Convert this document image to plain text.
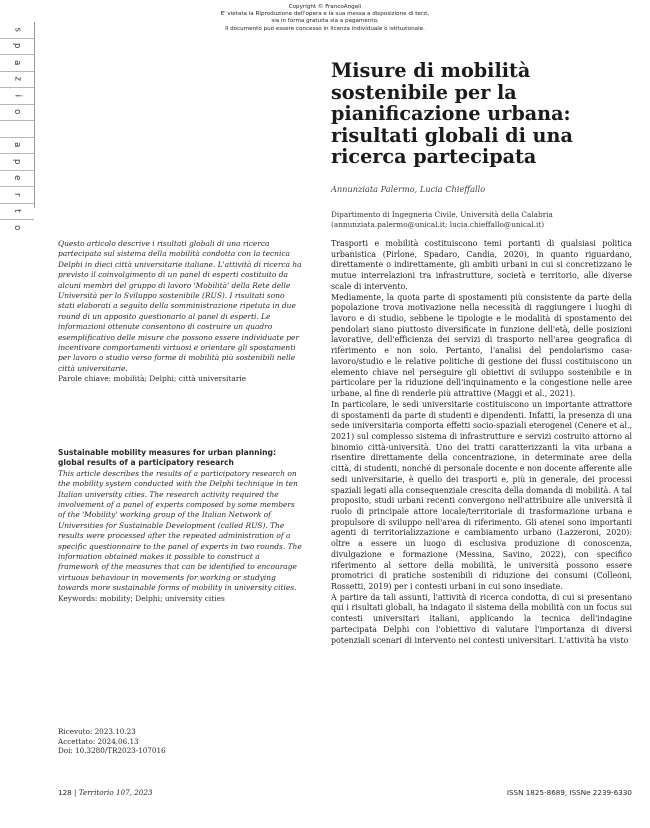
Copyright © FrancoAngeli
E' vietata la Riproduzione dell'opera e la sua messa a disposizione di terzi,
sia in forma gratuita sia a pagamento.
Il documento può essere concesso in licenza individuale o istituzionale.
s
p
a
z
i
o
a
p
e
r
t
o
Misure di mobilità sostenibile per la pianificazione urbana: risultati globali di una ricerca partecipata
Annunziata Palermo, Lucia Chieffallo
Dipartimento di Ingegneria Civile, Università della Calabria
(annunziata.palermo@unical.it; lucia.chieffallo@unical.it)

Questo articolo descrive i risultati globali di una ricerca partecipata sul sistema della mobilità condotta con la tecnica Delphi in dieci città universitarie italiane. L'attività di ricerca ha previsto il coinvolgimento di un panel di esperti costituito da alcuni membri del gruppo di lavoro 'Mobilità' della Rete delle Università per lo Sviluppo sostenibile (RUS). I risultati sono stati elaborati a seguito della somministrazione ripetuta in due round di un apposito questionario al panel di esperti. Le informazioni ottenute consentono di costruire un quadro esemplificativo delle misure che possono essere individuate per incentivare comportamenti virtuosi e orientare gli spostamenti per lavoro o studio verso forme di mobilità più sostenibili nelle città universitarie.

Parole chiave: mobilità; Delphi; città universitarie

Sustainable mobility measures for urban planning: global results of a participatory research

This article describes the results of a participatory research on the mobility system conducted with the Delphi technique in ten Italian university cities. The research activity required the involvement of a panel of experts composed by some members of the 'Mobility' working group of the Italian Network of Universities for Sustainable Development (called RUS). The results were processed after the repeated administration of a specific questionnaire to the panel of experts in two rounds. The information obtained makes it possible to construct a framework of the measures that can be identified to encourage virtuous behaviour in movements for working or studying towards more sustainable forms of mobility in university cities.

Keywords: mobility; Delphi; university cities

Ricevuto: 2023.10.23
Accettato: 2024.06.13
Doi: 10.3280/TR2023-107016

Trasporti e mobilità costituiscono temi portanti di qualsiasi politica urbanistica (Pirlone, Spadaro, Candia, 2020), in quanto riguardano, direttamente o indirettamente, gli ambiti urbani in cui si concretizzano le mutue interrelazioni tra infrastrutture, società e territorio, alle diverse scale di intervento.

Mediamente, la quota parte di spostamenti più consistente da parte della popolazione trova motivazione nella necessità di raggiungere i luoghi di lavoro e di studio, sebbene le tipologie e le modalità di spostamento dei pendolari siano piuttosto diversificate in funzione dell'età, delle posizioni lavorative, dell'efficienza dei servizi di trasporto nell'area geografica di riferimento e non solo. Pertanto, l'analisi del pendolarismo casa-lavoro/studio e le relative politiche di gestione dei flussi costituiscono un elemento chiave nel perseguire gli obiettivi di sviluppo sostenibile e in particolare per la riduzione dell'inquinamento e la congestione nelle aree urbane, al fine di renderle più attrattive (Maggi et al., 2021).

In particolare, le sedi universitarie costituiscono un importante attrattore di spostamenti da parte di studenti e dipendenti. Infatti, la presenza di una sede universitaria comporta effetti socio-spaziali eterogenei (Cenere et al., 2021) sul complesso sistema di infrastrutture e servizi costruito attorno al binomio città-università. Uno dei tratti caratterizzanti la vita urbana a risentire direttamente della concentrazione, in determinate aree della città, di studenti, nonché di personale docente e non docente afferente alle sedi universitarie, è quello dei trasporti e, più in generale, dei processi spaziali legati alla consequenziale crescita della domanda di mobilità. A tal proposito, studi urbani recenti convergono nell'attribuire alle università il ruolo di principale attore locale/territoriale di trasformazione urbana e propulsore di sviluppo nell'area di riferimento. Gli atenei sono importanti agenti di territorializzazione e cambiamento urbano (Lazzeroni, 2020): oltre a essere un luogo di esclusiva produzione di conoscenza, divulgazione e formazione (Messina, Savino, 2022), con specifico riferimento al settore della mobilità, le università possono essere promotrici di pratiche sostenibili di riduzione dei consumi (Colleoni, Rossetti, 2019) per i contesti urbani in cui sono insediate.

A partire da tali assunti, l'attività di ricerca condotta, di cui si presentano qui i risultati globali, ha indagato il sistema della mobilità con un focus sui contesti universitari italiani, applicando la tecnica dell'indagine partecipata Delphi con l'obiettivo di valutare l'importanza di diversi potenziali scenari di intervento nei contesti universitari. L'attività ha visto

128 | Territorio 107, 2023	ISSN 1825-8689, ISSNe 2239-6330
